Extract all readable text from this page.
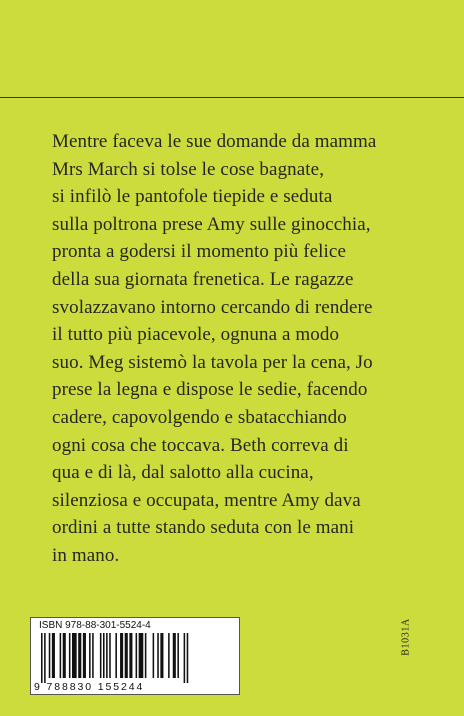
Mentre faceva le sue domande da mamma
Mrs March si tolse le cose bagnate,
si infilò le pantofole tiepide e seduta
sulla poltrona prese Amy sulle ginocchia,
pronta a godersi il momento più felice
della sua giornata frenetica. Le ragazze
svolazzavano intorno cercando di rendere
il tutto più piacevole, ognuna a modo
suo. Meg sistemò la tavola per la cena, Jo
prese la legna e dispose le sedie, facendo
cadere, capovolgendo e sbatacchiando
ogni cosa che toccava. Beth correva di
qua e di là, dal salotto alla cucina,
silenziosa e occupata, mentre Amy dava
ordini a tutte stando seduta con le mani
in mano.
ISBN 978-88-301-5524-4
9 788830 155244
B1031A
